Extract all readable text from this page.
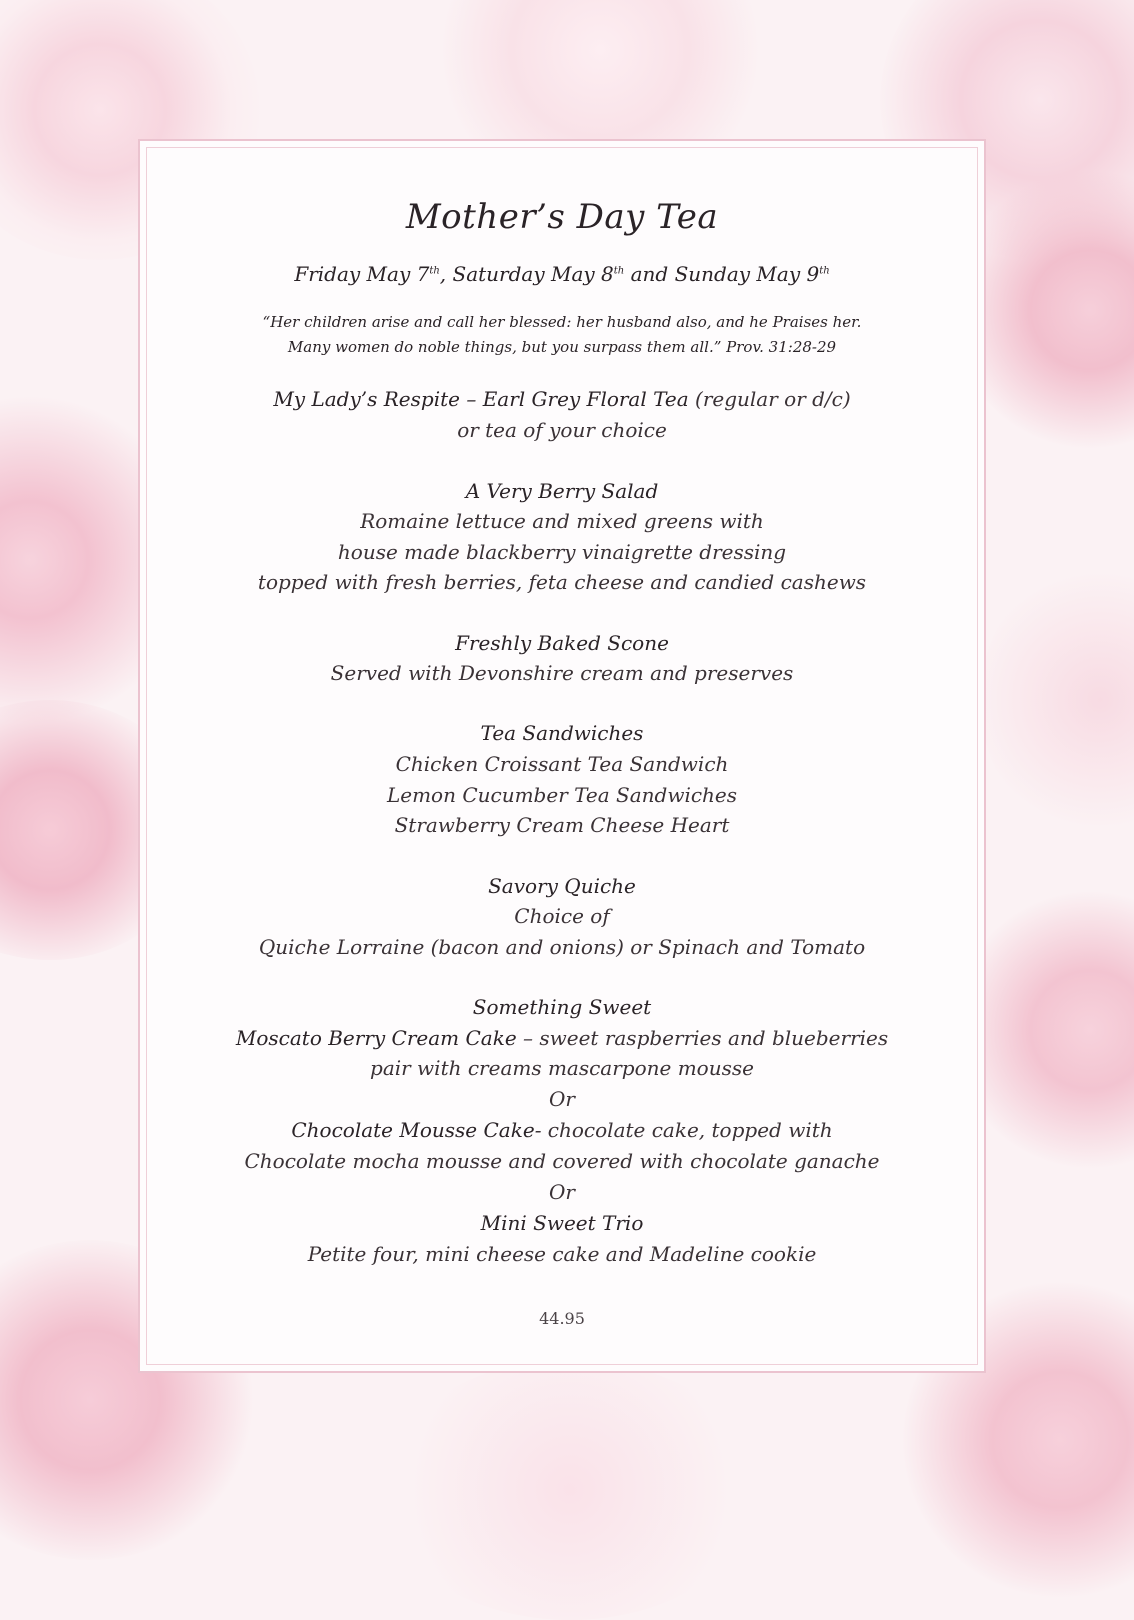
Mother’s Day Tea
Friday May 7th, Saturday May 8th and Sunday May 9th
“Her children arise and call her blessed: her husband also, and he Praises her.
Many women do noble things, but you surpass them all.” Prov. 31:28-29
My Lady’s Respite – Earl Grey Floral Tea (regular or d/c)
or tea of your choice
A Very Berry Salad
Romaine lettuce and mixed greens with
house made blackberry vinaigrette dressing
topped with fresh berries, feta cheese and candied cashews
Freshly Baked Scone
Served with Devonshire cream and preserves
Tea Sandwiches
Chicken Croissant Tea Sandwich
Lemon Cucumber Tea Sandwiches
Strawberry Cream Cheese Heart
Savory Quiche
Choice of
Quiche Lorraine (bacon and onions) or Spinach and Tomato
Something Sweet
Moscato Berry Cream Cake – sweet raspberries and blueberries
pair with creams mascarpone mousse
Or
Chocolate Mousse Cake- chocolate cake, topped with
Chocolate mocha mousse and covered with chocolate ganache
Or
Mini Sweet Trio
Petite four, mini cheese cake and Madeline cookie
44.95
